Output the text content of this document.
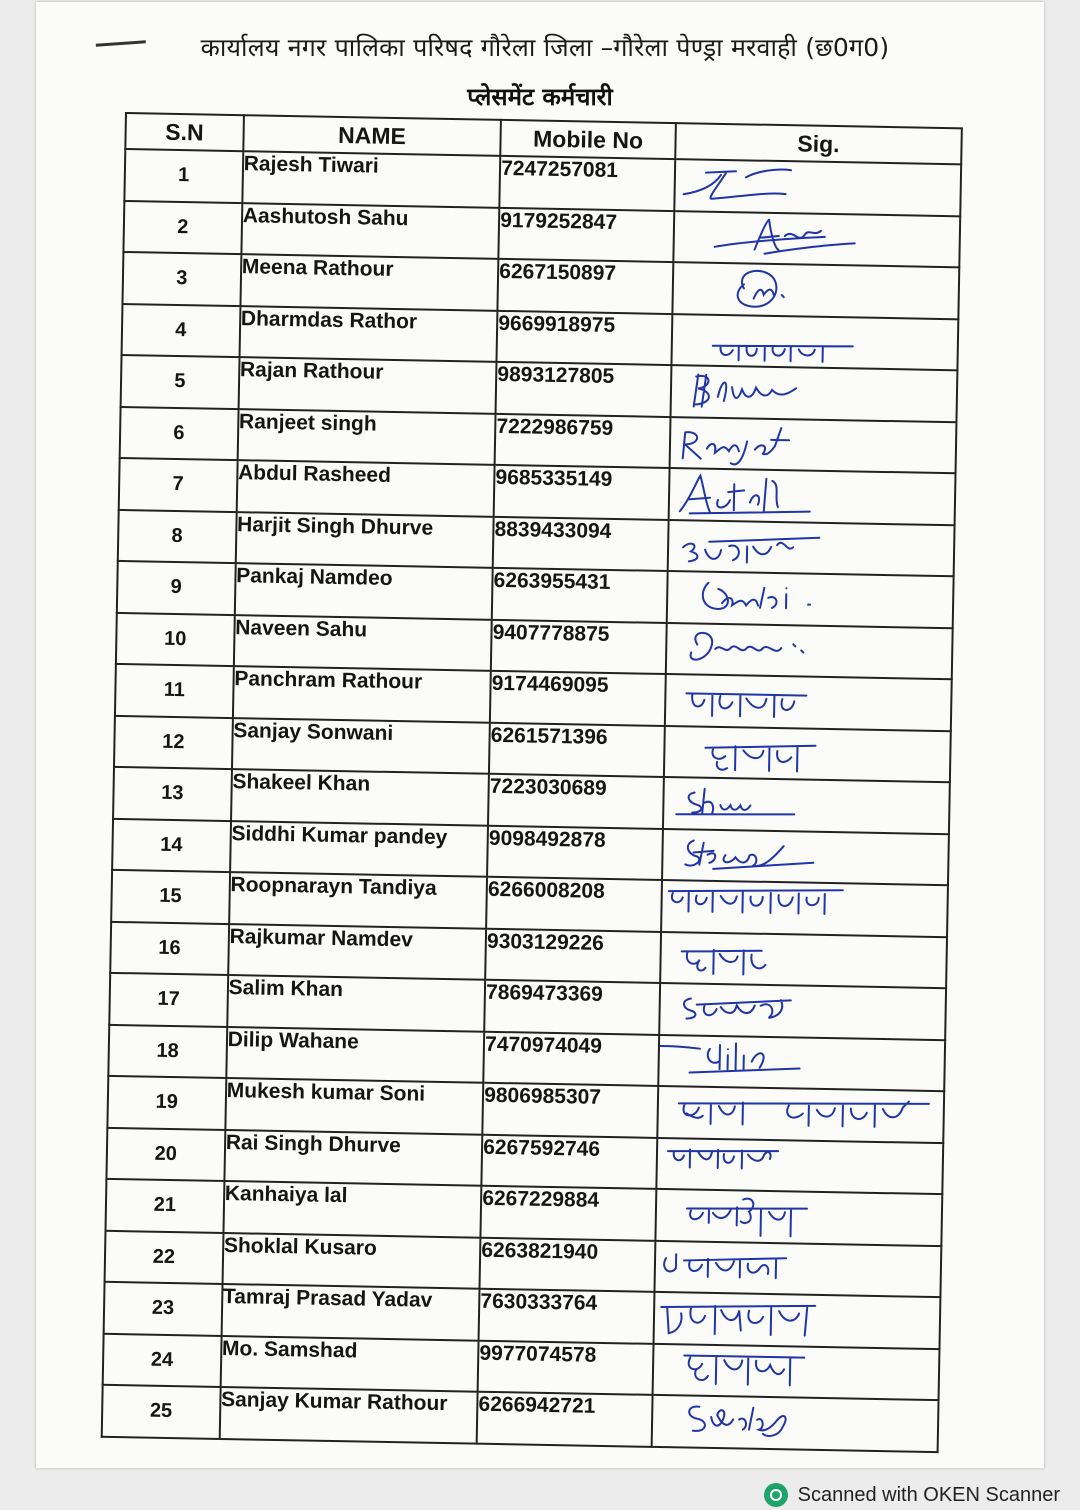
कार्यालय नगर पालिका परिषद गौरेला जिला –गौरेला पेण्ड्रा मरवाही (छ0ग0)
प्लेसमेंट कर्मचारी
S.N	NAME	Mobile No	Sig.
1	Rajesh Tiwari	7247257081	

2	Aashutosh Sahu	9179252847	

3	Meena Rathour	6267150897	

4	Dharmdas Rathor	9669918975	

5	Rajan Rathour	9893127805	

6	Ranjeet singh	7222986759	

7	Abdul Rasheed	9685335149	

8	Harjit Singh Dhurve	8839433094	

9	Pankaj Namdeo	6263955431	

10	Naveen Sahu	9407778875	

11	Panchram Rathour	9174469095	

12	Sanjay Sonwani	6261571396	

13	Shakeel Khan	7223030689	

14	Siddhi Kumar pandey	9098492878	

15	Roopnarayn Tandiya	6266008208	

16	Rajkumar Namdev	9303129226	

17	Salim Khan	7869473369	

18	Dilip Wahane	7470974049	

19	Mukesh kumar Soni	9806985307	

20	Rai Singh Dhurve	6267592746	

21	Kanhaiya lal	6267229884	

22	Shoklal Kusaro	6263821940	

23	Tamraj Prasad Yadav	7630333764	

24	Mo. Samshad	9977074578	

25	Sanjay Kumar Rathour	6266942721	
Scanned with OKEN Scanner
